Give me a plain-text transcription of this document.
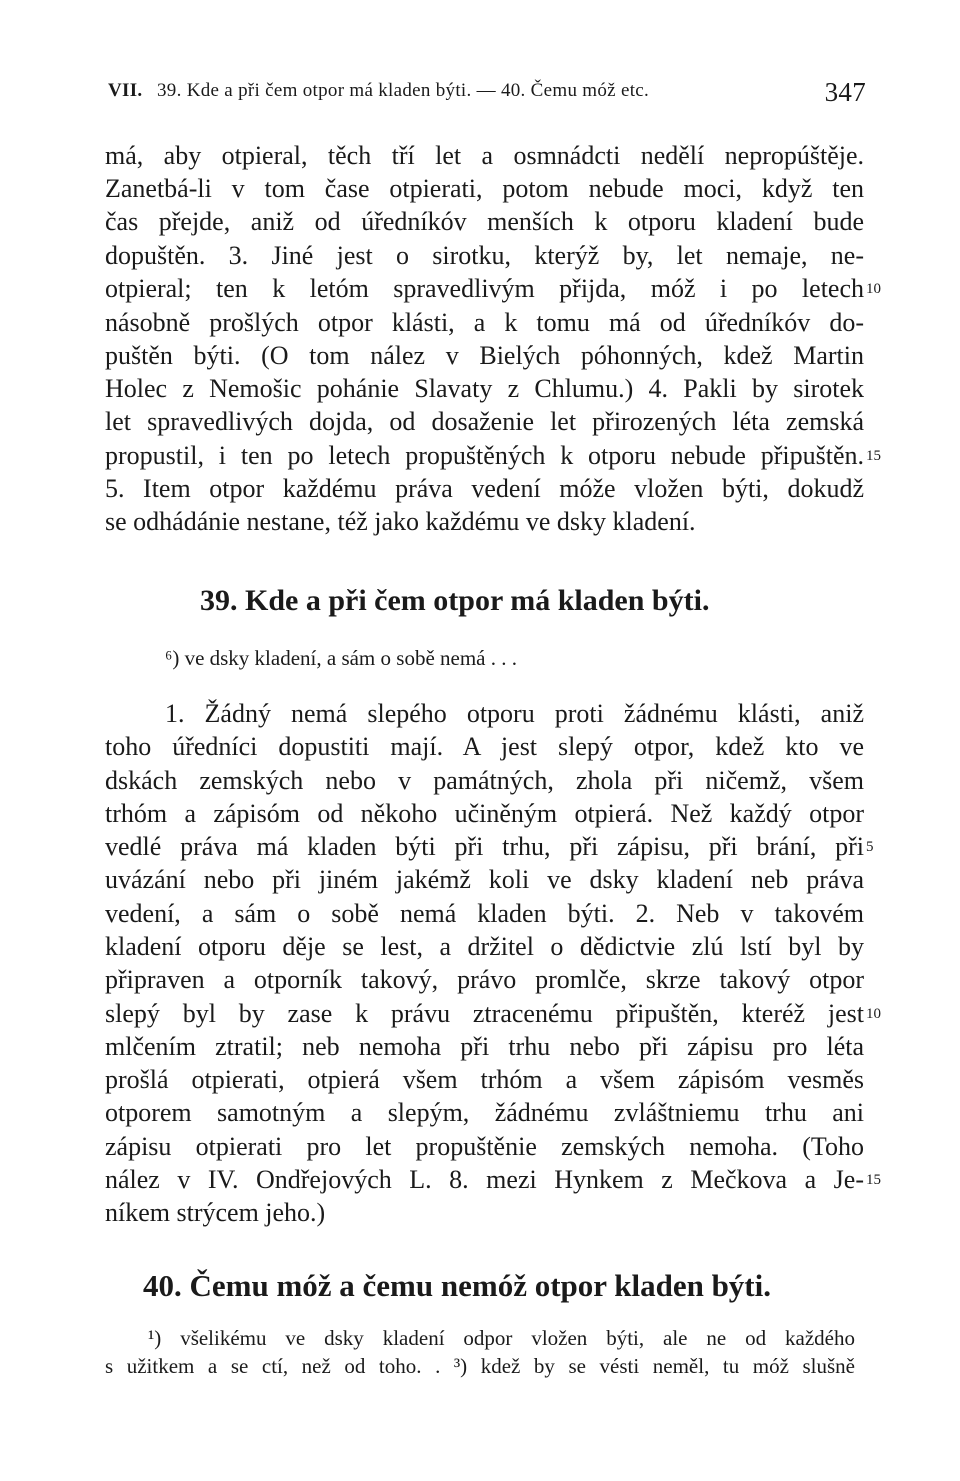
VII. 39. Kde a při čem otpor má kladen býti. — 40. Čemu móž etc.	347
má, aby otpieral, těch tří let a osmnádcti nedělí nepropúštěje.
Zanetbá-li v tom čase otpierati, potom nebude moci, když ten
čas přejde, aniž od úředníkóv menších k otporu kladení bude
dopuštěn. 3. Jiné jest o sirotku, kterýž by, let nemaje, ne-
otpieral; ten k letóm spravedlivým přijda, móž i po letech
násobně prošlých otpor klásti, a k tomu má od úředníkóv do-
puštěn býti. (O tom nález v Bielých póhonných, kdež Martin
Holec z Nemošic pohánie Slavaty z Chlumu.) 4. Pakli by sirotek
let spravedlivých dojda, od dosaženie let přirozených léta zemská
propustil, i ten po letech propuštěných k otporu nebude připuštěn.
5. Item otpor každému práva vedení móže vložen býti, dokudž
se odhádánie nestane, též jako každému ve dsky kladení.
10
15
39. Kde a při čem otpor má kladen býti.
⁶) ve dsky kladení, a sám o sobě nemá . . .
1. Žádný nemá slepého otporu proti žádnému klásti, aniž
toho úředníci dopustiti mají. A jest slepý otpor, kdež kto ve
dskách zemských nebo v památných, zhola při ničemž, všem
trhóm a zápisóm od někoho učiněným otpierá. Než každý otpor
vedlé práva má kladen býti při trhu, při zápisu, při brání, při
uvázání nebo při jiném jakémž koli ve dsky kladení neb práva
vedení, a sám o sobě nemá kladen býti. 2. Neb v takovém
kladení otporu děje se lest, a držitel o dědictvie zlú lstí byl by
připraven a otporník takový, právo promlče, skrze takový otpor
slepý byl by zase k právu ztracenému připuštěn, kteréž jest
mlčením ztratil; neb nemoha při trhu nebo při zápisu pro léta
prošlá otpierati, otpierá všem trhóm a všem zápisóm vesměs
otporem samotným a slepým, žádnému zvláštniemu trhu ani
zápisu otpierati pro let propuštěnie zemských nemoha. (Toho
nález v IV. Ondřejových L. 8. mezi Hynkem z Mečkova a Je-
níkem strýcem jeho.)
5
10
15
40. Čemu móž a čemu nemóž otpor kladen býti.
¹) všelikému ve dsky kladení odpor vložen býti, ale ne od každého
s užitkem a se ctí, než od toho. . ³) kdež by se vésti neměl, tu móž slušně
